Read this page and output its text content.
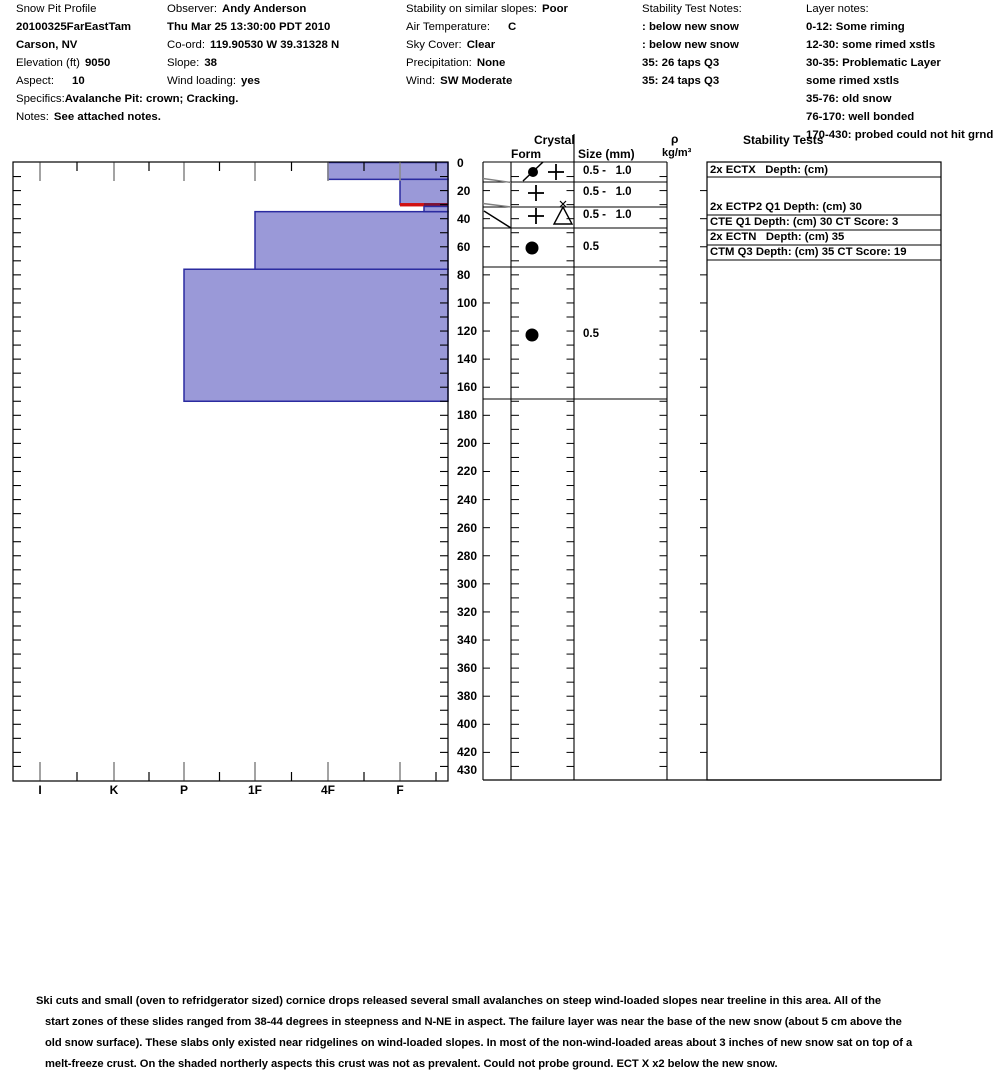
Snow Pit Profile
20100325FarEastTam
Carson, NV
Elevation (ft) 9050
Aspect: 10
Specifics:Avalanche Pit: crown; Cracking.
Notes: See attached notes.
Observer: Andy Anderson
Thu Mar 25 13:30:00 PDT 2010
Co-ord: 119.90530 W 39.31328 N
Slope: 38
Wind loading: yes
Stability on similar slopes: Poor
Air Temperature: C
Sky Cover: Clear
Precipitation: None
Wind: SW Moderate
Stability Test Notes:
: below new snow
: below new snow
35: 26 taps Q3
35: 24 taps Q3
Layer notes:
0-12: Some riming
12-30: some rimed xstls
30-35: Problematic Layer
some rimed xstls
35-76: old snow
76-170: well bonded
170-430: probed could not hit grnd
Crystal
Form	Size (mm)
ρ
kg/m³
Stability Tests
0
20
40
60
80
100
120
140
160
180
200
220
240
260
280
300
320
340
360
380
400
420
430
I	K	P	1F	4F	F
0.5 -   1.0
0.5 -   1.0
0.5 -   1.0
0.5
0.5
2x ECTX   Depth: (cm)
2x ECTP2 Q1 Depth: (cm) 30
CTE Q1 Depth: (cm) 30 CT Score: 3
2x ECTN   Depth: (cm) 35
CTM Q3 Depth: (cm) 35 CT Score: 19
Ski cuts and small (oven to refridgerator sized) cornice drops released several small avalanches on steep wind-loaded slopes near treeline in this area. All of the
start zones of these slides ranged from 38-44 degrees in steepness and N-NE in aspect. The failure layer was near the base of the new snow (about 5 cm above the
old snow surface). These slabs only existed near ridgelines on wind-loaded slopes. In most of the non-wind-loaded areas about 3 inches of new snow sat on top of a
melt-freeze crust. On the shaded northerly aspects this crust was not as prevalent. Could not probe ground. ECT X x2 below the new snow.
